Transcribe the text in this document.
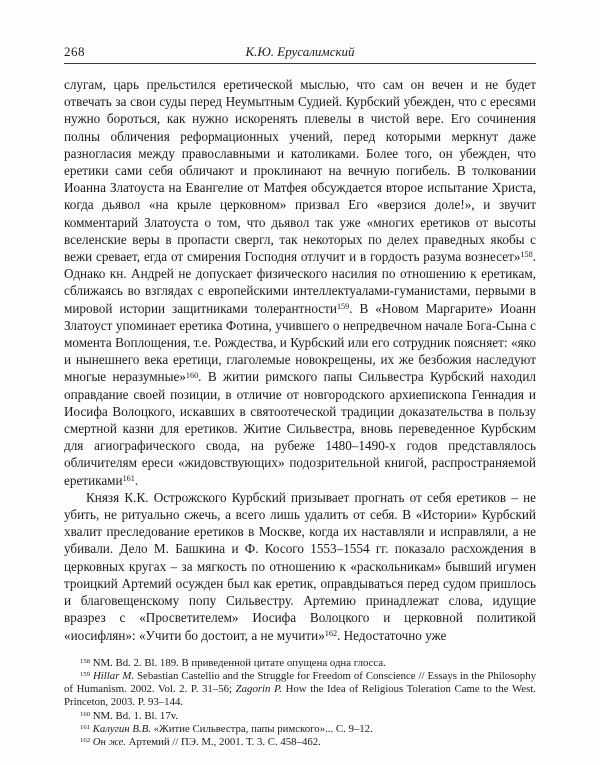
268	К.Ю. Ерусалимский

слугам, царь прельстился еретической мыслью, что сам он вечен и не будет отвечать за свои суды перед Неумытным Судией. Курбский убежден, что с ересями нужно бороться, как нужно искоренять плевелы в чистой вере. Его сочинения полны обличения реформационных учений, перед которыми меркнут даже разногласия между православными и католиками. Более того, он убежден, что еретики сами себя обличают и проклинают на вечную погибель. В толковании Иоанна Златоуста на Евангелие от Матфея обсуждается второе испытание Христа, когда дьявол «на крыле церковном» призвал Его «верзися доле!», и звучит комментарий Златоуста о том, что дьявол так уже «многих еретиков от высоты вселенские веры в пропасти свергл, так некоторых по делех праведных якобы с вежи сревает, егда от смирения Господня отлучит и в гордость разума вознесет»$^{158}$. Однако кн. Андрей не допускает физического насилия по отношению к еретикам, сближаясь во взглядах с европейскими интеллектуалами-гуманистами, первыми в мировой истории защитниками толерантности$^{159}$. В «Новом Маргарите» Иоанн Златоуст упоминает еретика Фотина, учившего о непредвечном начале Бога-Сына с момента Воплощения, т.е. Рождества, и Курбский или его сотрудник поясняет: «яко и нынешнего века еретици, глаголемые новокрещены, их же безбожия наследуют многые неразумные»$^{160}$. В житии римского папы Сильвестра Курбский находил оправдание своей позиции, в отличие от новгородского архиепископа Геннадия и Иосифа Волоцкого, искавших в святоотеческой традиции доказательства в пользу смертной казни для еретиков. Житие Сильвестра, вновь переведенное Курбским для агиографического свода, на рубеже 1480–1490-х годов представлялось обличителям ереси «жидовствующих» подозрительной книгой, распространяемой еретиками$^{161}$.

Князя К.К. Острожского Курбский призывает прогнать от себя еретиков – не убить, не ритуально сжечь, а всего лишь удалить от себя. В «Истории» Курбский хвалит преследование еретиков в Москве, когда их наставляли и исправляли, а не убивали. Дело М. Башкина и Ф. Косого 1553–1554 гг. показало расхождения в церковных кругах – за мягкость по отношению к «раскольникам» бывший игумен троицкий Артемий осужден был как еретик, оправдываться перед судом пришлось и благовещенскому попу Сильвестру. Артемию принадлежат слова, идущие вразрез с «Просветителем» Иосифа Волоцкого и церковной политикой «иосифлян»: «Учити бо достоит, а не мучити»$^{162}$. Недостаточно уже

$^{158}$ NM. Bd. 2. Bl. 189. В приведенной цитате опущена одна глосса.

$^{159}$ Hillar M. Sebastian Castellio and the Struggle for Freedom of Conscience // Essays in the Philosophy of Humanism. 2002. Vol. 2. P. 31–56; Zagorin P. How the Idea of Religious Toleration Came to the West. Princeton, 2003. P. 93–144.

$^{160}$ NM. Bd. 1. Bl. 17v.

$^{161}$ Калугин В.В. «Житие Сильвестра, папы римского»... С. 9–12.

$^{162}$ Он же. Артемий // ПЭ. М., 2001. Т. 3. С. 458–462.
